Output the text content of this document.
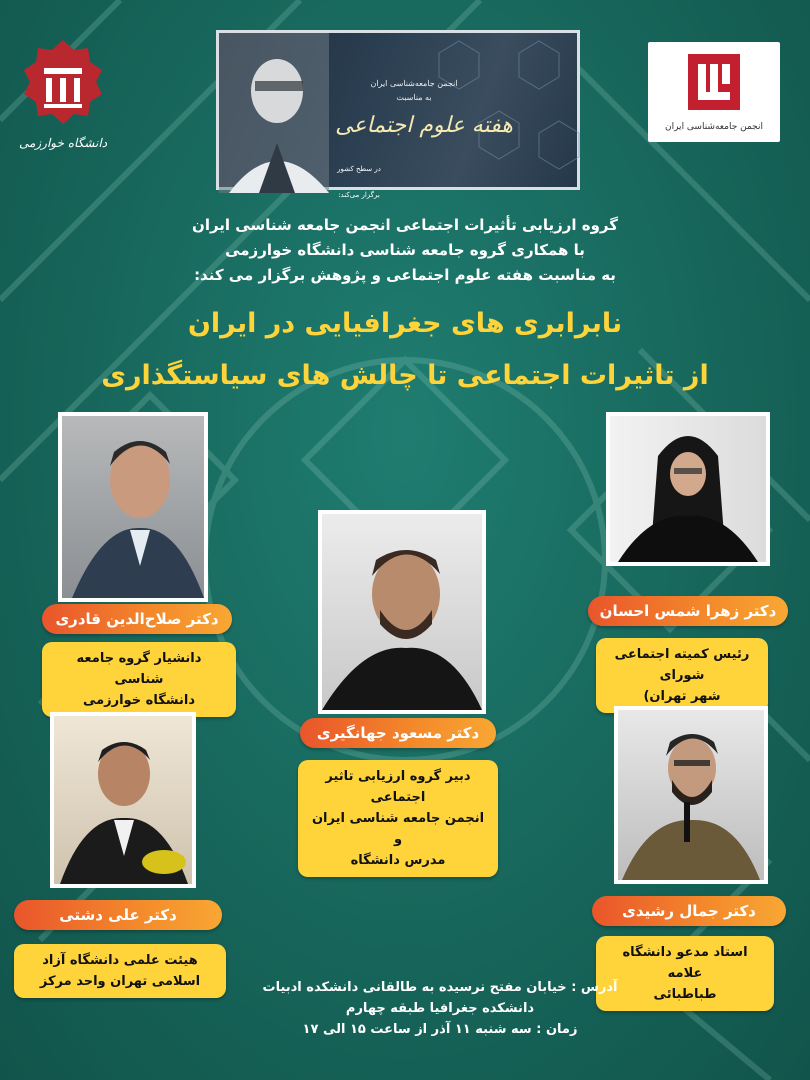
دانشگاه خوارزمی
انجمن جامعه‌شناسی ایران
انجمن جامعه‌شناسی ایران
به مناسبت
هفته علوم اجتماعی
در سطح کشور
برگزار می‌کند:
گروه ارزیابی تأثیرات اجتماعی انجمن جامعه شناسی ایران
با همکاری گروه جامعه شناسی دانشگاه خوارزمی
به مناسبت هفته علوم اجتماعی و پژوهش برگزار می کند:
نابرابری های جغرافیایی در ایران
از تاثیرات اجتماعی تا چالش های سیاستگذاری
دکتر صلاح‌الدین قادری
دانشیار گروه جامعه شناسی
دانشگاه خوارزمی
دکتر مسعود جهانگیری
دبیر گروه ارزیابی تاثیر اجتماعی
انجمن جامعه شناسی ایران و
مدرس دانشگاه
دکتر زهرا شمس احسان
رئیس کمیته اجتماعی شورای
شهر تهران)
دکتر علی دشتی
هیئت علمی دانشگاه آزاد
اسلامی تهران واحد مرکز
دکتر جمال رشیدی
استاد مدعو دانشگاه علامه
طباطبائی
آدرس : خیابان مفتح نرسیده به طالقانی دانشکده ادبیات
دانشکده جغرافیا طبقه چهارم
زمان : سه شنبه ۱۱ آذر از ساعت ۱۵ الی ۱۷
